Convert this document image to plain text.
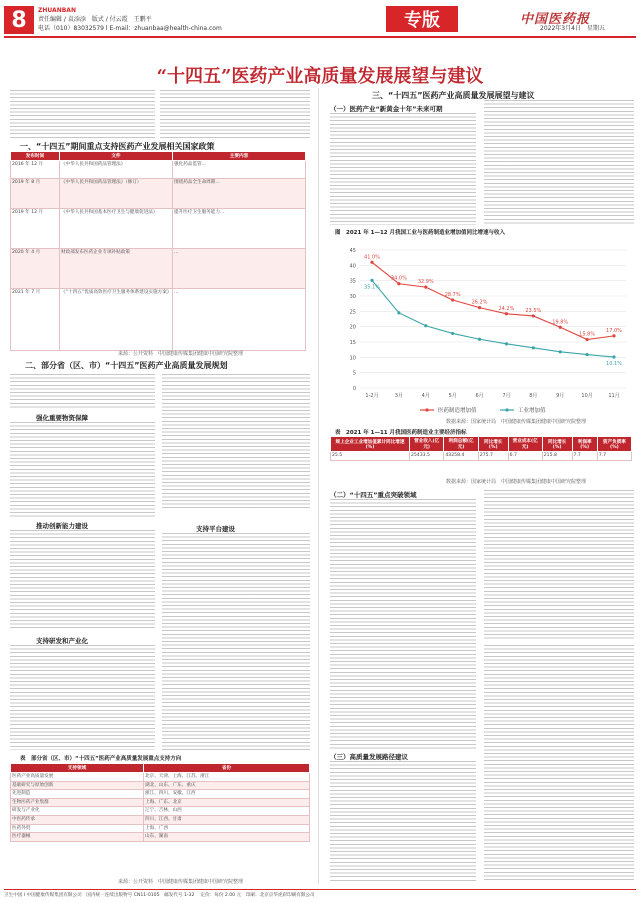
8	ZHUANBAN
责任编辑 / 袁添添　版式 / 付云霞　王鹏平
电话（010）83032579 l E-mail：zhuanbaa@health-china.com	专版	中国医药报
2022年3月4日　星期五
“十四五”医药产业高质量发展展望与建议
一、“十四五”期间重点支持医药产业发展相关国家政策
发布时间	文件	主要内容
2016 年 12 月	《中华人民共和国药品管理法》	强化药品监管...
2019 年 8 月	《中华人民共和国药品管理法》（修订）	围绕药品全生命周期...
2019 年 12 月	《中华人民共和国基本医疗卫生与健康促进法》	提升医疗卫生服务能力...
2020 年 4 月	财政部发布医药企业专项补贴政策	...
2021 年 7 月	《“十四五”优质高效医疗卫生服务体系建设实施方案》	...
来源：公开资料　中国健康传媒集团健康中国研究院整理
二、部分省（区、市）“十四五”医药产业高质量发展规划
强化重要物资保障
推动创新能力建设
支持研发和产业化
支持平台建设
表　部分省（区、市）“十四五”医药产业高质量发展重点支持方向
支持领域	省份
医药产业高质量发展	北京、天津、上海、江苏、浙江
基础研究与原始创新	湖北、山东、广东、重庆
先进制造	浙江、四川、安徽、江西
生物医药产业集群	上海、广东、北京
研发与产业化	辽宁、吉林、山西
中医药传承	四川、江西、甘肃
医药外贸	上海、广西
医疗器械	山东、湖南
来源：公开资料　中国健康传媒集团健康中国研究院整理
三、“十四五”医药产业高质量发展展望与建议
（一）医药产业“新黄金十年”未来可期
图　2021 年 1—12 月我国工业与医药制造业增加值同比增速与收入
0
5
10
15
20
25
30
35
40
45
1-2月	3月	4月	5月	6月	7月	8月	9月	10月	11月
41.0%
34.0%
32.9%
28.7%
26.2%
24.2% 23.5%
19.8%
15.8%
17.0%
35.1%
10.1%
医药制造增加值	工业增加值
数据来源：国家统计局　中国健康传媒集团健康中国研究院整理
表　2021 年 1—11 月我国医药制造业主要经济指标
规上企业工业增加值累计同比增速(%)	营业收入(亿元)	利润总额(亿元)	同比增长(%)	营业成本(亿元)	同比增长(%)	利润率(%)	资产负债率(%)
25.5	25433.5	43258.4	275.7	6.7	215.8	7.7	7.7
数据来源：国家统计局　中国健康传媒集团健康中国研究院整理
（二）“十四五”重点突破领域
（三）高质量发展路径建议
卫生中国 l 中国健康传媒集团有限公司　国内统一连续出版物号 CN11-0105　邮发代号 1-32 　定价：每份 2.00 元　印刷：北京京华虎彩印刷有限公司
